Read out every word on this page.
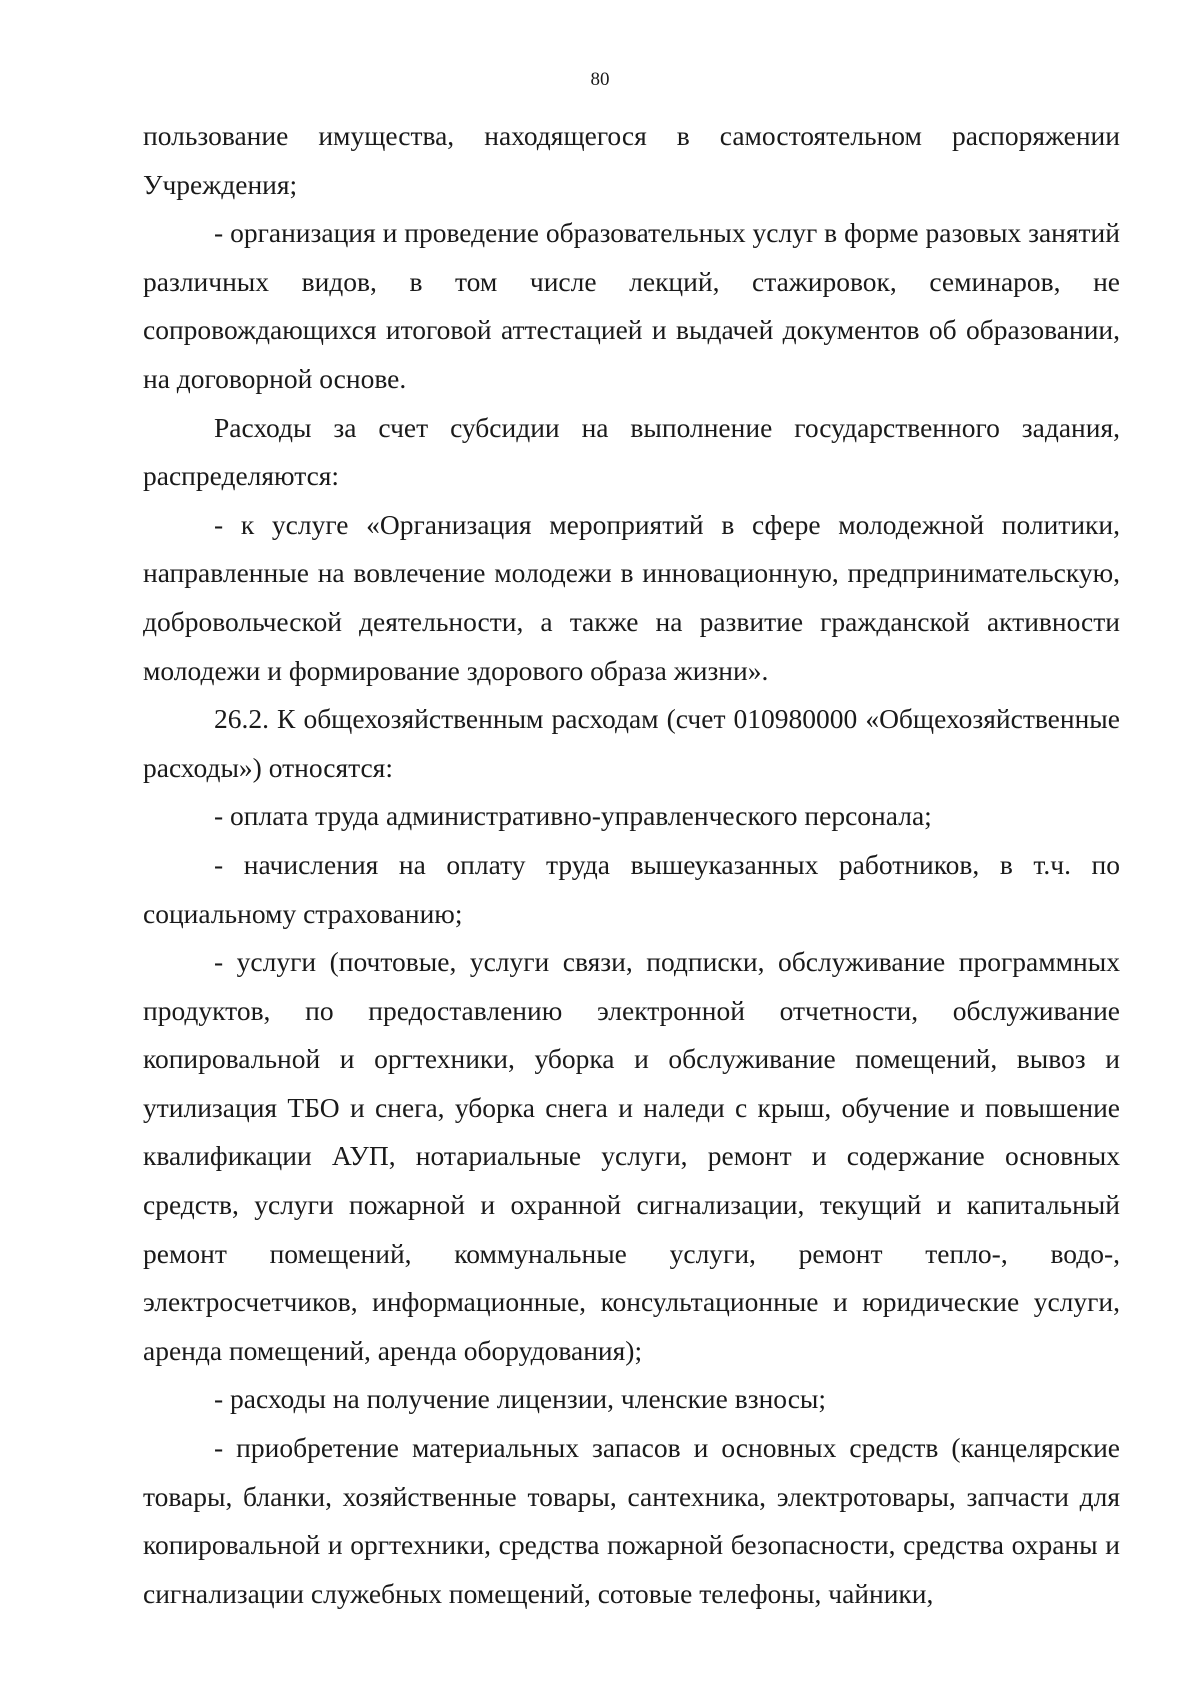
80

пользование имущества, находящегося в самостоятельном распоряжении Учреждения;

- организация и проведение образовательных услуг в форме разовых занятий различных видов, в том числе лекций, стажировок, семинаров, не сопровождающихся итоговой аттестацией и выдачей документов об образовании, на договорной основе.

Расходы за счет субсидии на выполнение государственного задания, распределяются:

- к услуге «Организация мероприятий в сфере молодежной политики, направленные на вовлечение молодежи в инновационную, предпринимательскую, добровольческой деятельности, а также на развитие гражданской активности молодежи и формирование здорового образа жизни».

26.2. К общехозяйственным расходам (счет 010980000 «Общехозяйственные расходы») относятся:

- оплата труда административно-управленческого персонала;

- начисления на оплату труда вышеуказанных работников, в т.ч. по социальному страхованию;

- услуги (почтовые, услуги связи, подписки, обслуживание программных продуктов, по предоставлению электронной отчетности, обслуживание копировальной и оргтехники, уборка и обслуживание помещений, вывоз и утилизация ТБО и снега, уборка снега и наледи с крыш, обучение и повышение квалификации АУП, нотариальные услуги, ремонт и содержание основных средств, услуги пожарной и охранной сигнализации, текущий и капитальный ремонт помещений, коммунальные услуги, ремонт тепло-, водо-, электросчетчиков, информационные, консультационные и юридические услуги, аренда помещений, аренда оборудования);

- расходы на получение лицензии, членские взносы;

- приобретение материальных запасов и основных средств (канцелярские товары, бланки, хозяйственные товары, сантехника, электротовары, запчасти для копировальной и оргтехники, средства пожарной безопасности, средства охраны и сигнализации служебных помещений, сотовые телефоны, чайники,
